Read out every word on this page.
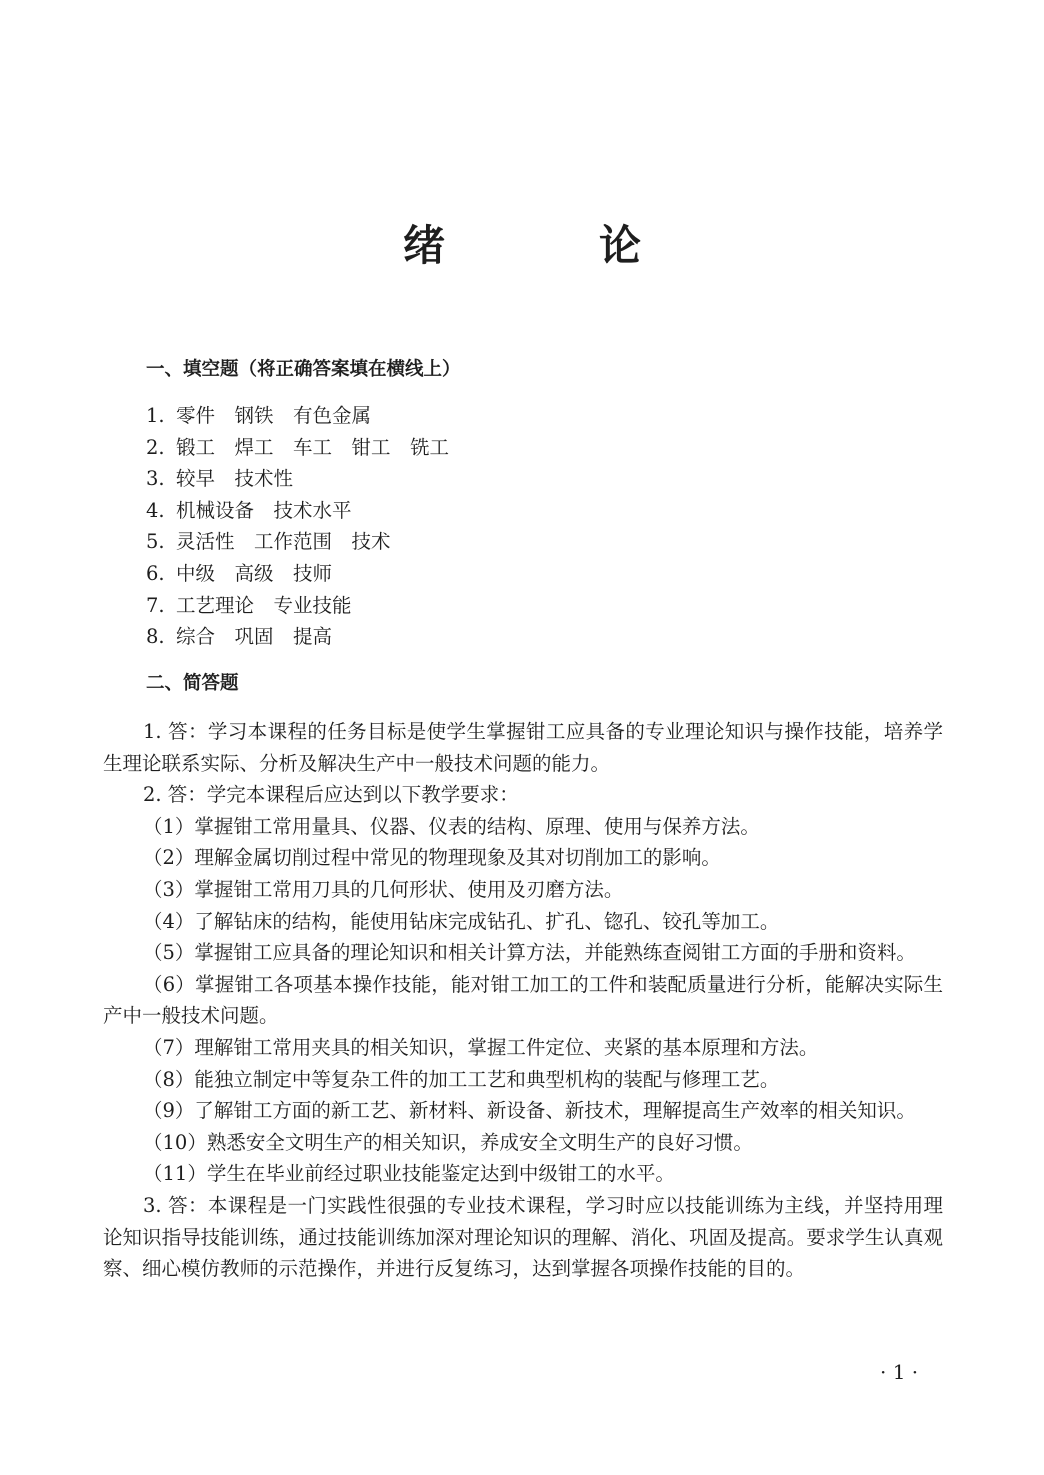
绪　论
一、填空题（将正确答案填在横线上）
1. 零件　钢铁　有色金属
2. 锻工　焊工　车工　钳工　铣工
3. 较早　技术性
4. 机械设备　技术水平
5. 灵活性　工作范围　技术
6. 中级　高级　技师
7. 工艺理论　专业技能
8. 综合　巩固　提高
二、简答题

1. 答：学习本课程的任务目标是使学生掌握钳工应具备的专业理论知识与操作技能，培养学生理论联系实际、分析及解决生产中一般技术问题的能力。

2. 答：学完本课程后应达到以下教学要求：

（1）掌握钳工常用量具、仪器、仪表的结构、原理、使用与保养方法。

（2）理解金属切削过程中常见的物理现象及其对切削加工的影响。

（3）掌握钳工常用刀具的几何形状、使用及刃磨方法。

（4）了解钻床的结构，能使用钻床完成钻孔、扩孔、锪孔、铰孔等加工。

（5）掌握钳工应具备的理论知识和相关计算方法，并能熟练查阅钳工方面的手册和资料。

（6）掌握钳工各项基本操作技能，能对钳工加工的工件和装配质量进行分析，能解决实际生产中一般技术问题。

（7）理解钳工常用夹具的相关知识，掌握工件定位、夹紧的基本原理和方法。

（8）能独立制定中等复杂工件的加工工艺和典型机构的装配与修理工艺。

（9）了解钳工方面的新工艺、新材料、新设备、新技术，理解提高生产效率的相关知识。

（10）熟悉安全文明生产的相关知识，养成安全文明生产的良好习惯。

（11）学生在毕业前经过职业技能鉴定达到中级钳工的水平。

3. 答：本课程是一门实践性很强的专业技术课程，学习时应以技能训练为主线，并坚持用理论知识指导技能训练，通过技能训练加深对理论知识的理解、消化、巩固及提高。要求学生认真观察、细心模仿教师的示范操作，并进行反复练习，达到掌握各项操作技能的目的。

· 1 ·
